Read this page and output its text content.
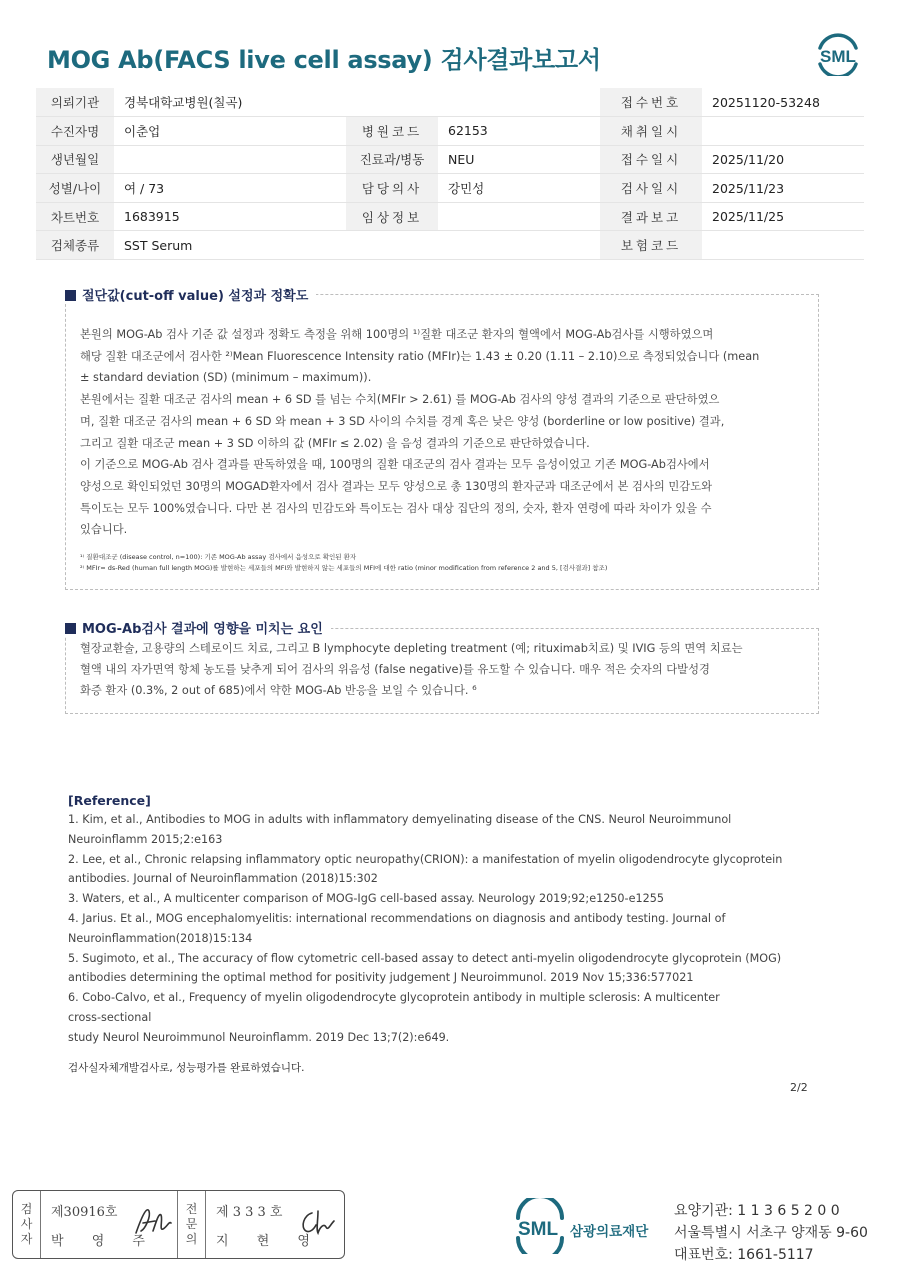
MOG Ab(FACS live cell assay) 검사결과보고서	SML
의뢰기관	경북대학교병원(칠곡)			접수번호	20251120-53248
수진자명	이춘업	병원코드	62153	채취일시	
생년월일		진료과/병동	NEU	접수일시	2025/11/20
성별/나이	여 / 73	담당의사	강민성	검사일시	2025/11/23
차트번호	1683915	임상정보		결과보고	2025/11/25
검체종류	SST Serum			보험코드	
절단값(cut-off value) 설정과 정확도
본원의 MOG-Ab 검사 기준 값 설정과 정확도 측정을 위해 100명의 ¹⁾질환 대조군 환자의 혈액에서 MOG-Ab검사를 시행하였으며
해당 질환 대조군에서 검사한 ²⁾Mean Fluorescence Intensity ratio (MFIr)는 1.43 ± 0.20 (1.11 – 2.10)으로 측정되었습니다 (mean
± standard deviation (SD) (minimum – maximum)).
본원에서는 질환 대조군 검사의 mean + 6 SD 를 넘는 수치(MFIr > 2.61) 를 MOG-Ab 검사의 양성 결과의 기준으로 판단하였으
며, 질환 대조군 검사의 mean + 6 SD 와 mean + 3 SD 사이의 수치를 경계 혹은 낮은 양성 (borderline or low positive) 결과,
그리고 질환 대조군 mean + 3 SD 이하의 값 (MFIr ≤ 2.02) 을 음성 결과의 기준으로 판단하였습니다.
이 기준으로 MOG-Ab 검사 결과를 판독하였을 때, 100명의 질환 대조군의 검사 결과는 모두 음성이었고 기존 MOG-Ab검사에서
양성으로 확인되었던 30명의 MOGAD환자에서 검사 결과는 모두 양성으로 총 130명의 환자군과 대조군에서 본 검사의 민감도와
특이도는 모두 100%였습니다. 다만 본 검사의 민감도와 특이도는 검사 대상 집단의 정의, 숫자, 환자 연령에 따라 차이가 있을 수
있습니다.
¹⁾ 질환대조군 (disease control, n=100): 기존 MOG-Ab assay 검사에서 음성으로 확인된 환자
²⁾ MFIr= ds-Red (human full length MOG)를 발현하는 세포들의 MFI와 발현하지 않는 세포들의 MFI에 대한 ratio (minor modification from reference 2 and 5, [검사결과] 참조)
MOG-Ab검사 결과에 영향을 미치는 요인
혈장교환술, 고용량의 스테로이드 치료, 그리고 B lymphocyte depleting treatment (예; rituximab치료) 및 IVIG 등의 면역 치료는
혈액 내의 자가면역 항체 농도를 낮추게 되어 검사의 위음성 (false negative)를 유도할 수 있습니다. 매우 적은 숫자의 다발성경
화증 환자 (0.3%, 2 out of 685)에서 약한 MOG-Ab 반응을 보일 수 있습니다. ⁶
[Reference]
1. Kim, et al., Antibodies to MOG in adults with inflammatory demyelinating disease of the CNS. Neurol Neuroimmunol
Neuroinflamm 2015;2:e163
2. Lee, et al., Chronic relapsing inflammatory optic neuropathy(CRION): a manifestation of myelin oligodendrocyte glycoprotein
antibodies. Journal of Neuroinflammation (2018)15:302
3. Waters, et al., A multicenter comparison of MOG-IgG cell-based assay. Neurology 2019;92;e1250-e1255
4. Jarius. Et al., MOG encephalomyelitis: international recommendations on diagnosis and antibody testing. Journal of
Neuroinflammation(2018)15:134
5. Sugimoto, et al., The accuracy of flow cytometric cell-based assay to detect anti-myelin oligodendrocyte glycoprotein (MOG)
antibodies determining the optimal method for positivity judgement J Neuroimmunol. 2019 Nov 15;336:577021
6. Cobo-Calvo, et al., Frequency of myelin oligodendrocyte glycoprotein antibody in multiple sclerosis: A multicenter
cross-sectional
study Neurol Neuroimmunol Neuroinflamm. 2019 Dec 13;7(2):e649.
검사실자체개발검사로, 성능평가를 완료하였습니다.
2/2
검
사
자
제30916호
박 영 주
전
문
의
제 3 3 3 호
지 현 영
SML 삼광의료재단
요양기관: 1 1 3 6 5 2 0 0
서울특별시 서초구 양재동 9-60
대표번호: 1661-5117
